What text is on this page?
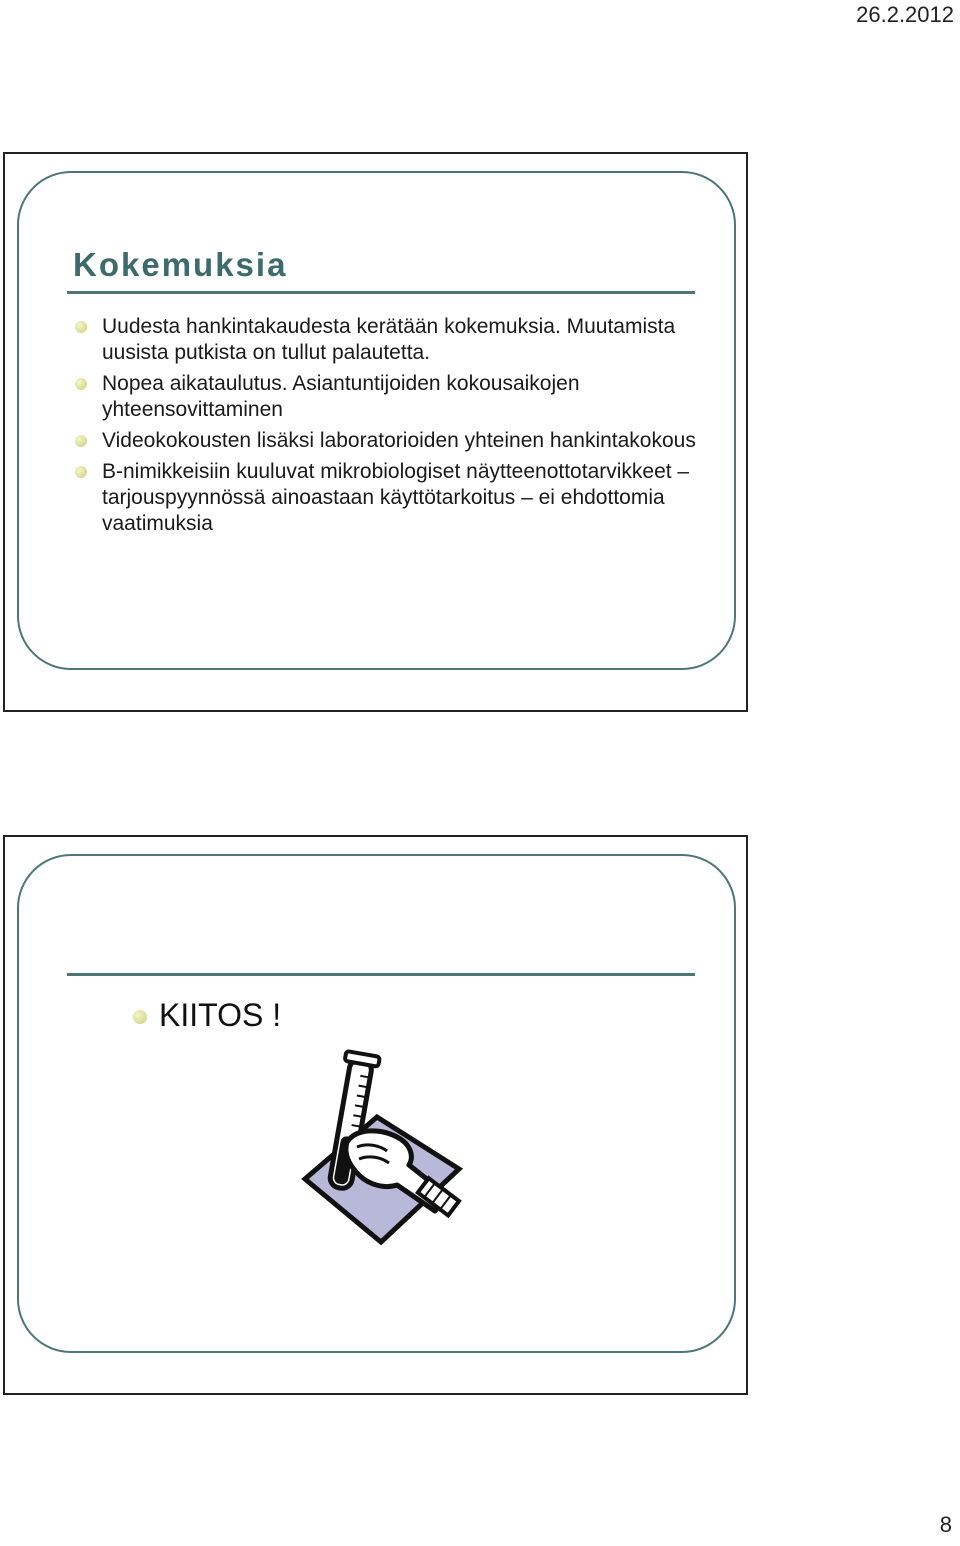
26.2.2012
Kokemuksia
Uudesta hankintakaudesta kerätään kokemuksia. Muutamista uusista putkista on tullut palautetta.
Nopea aikataulutus. Asiantuntijoiden kokousaikojen yhteensovittaminen
Videokokousten lisäksi laboratorioiden yhteinen hankintakokous
B-nimikkeisiin kuuluvat mikrobiologiset näytteenottotarvikkeet – tarjouspyynnössä ainoastaan käyttötarkoitus – ei ehdottomia vaatimuksia
KIITOS !
8
